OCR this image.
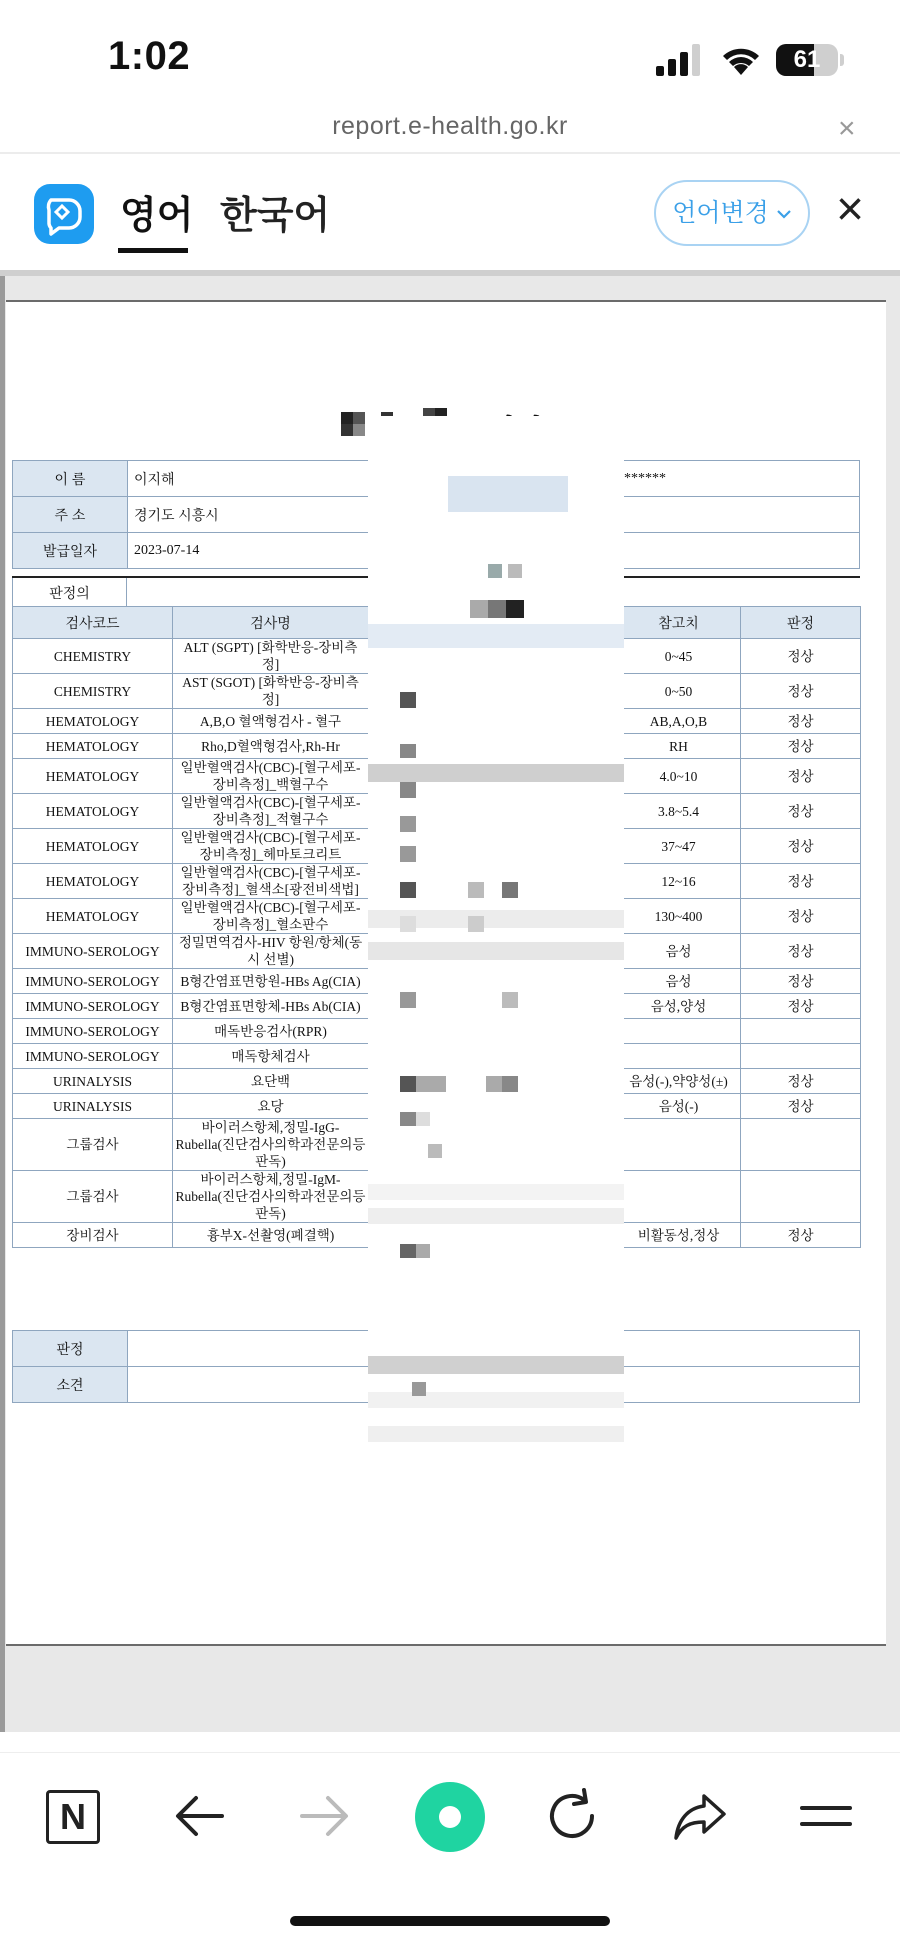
1:02	61
report.e-health.go.kr	×
영어 한국어	언어변경	×
이 름	이지해	******
주 소	경기도 시흥시	
발급일자	2023-07-14	
판정의
검사코드	검사명		참고치	판정
CHEMISTRY	ALT (SGPT) [화학반응-장비측정]		0~45	정상
CHEMISTRY	AST (SGOT) [화학반응-장비측정]		0~50	정상
HEMATOLOGY	A,B,O 혈액형검사 - 혈구		AB,A,O,B	정상
HEMATOLOGY	Rho,D혈액형검사,Rh-Hr		RH	정상
HEMATOLOGY	일반혈액검사(CBC)-[혈구세포-장비측정]_백혈구수		4.0~10	정상
HEMATOLOGY	일반혈액검사(CBC)-[혈구세포-장비측정]_적혈구수		3.8~5.4	정상
HEMATOLOGY	일반혈액검사(CBC)-[혈구세포-장비측정]_헤마토크리트		37~47	정상
HEMATOLOGY	일반혈액검사(CBC)-[혈구세포-장비측정]_혈색소[광전비색법]		12~16	정상
HEMATOLOGY	일반혈액검사(CBC)-[혈구세포-장비측정]_혈소판수		130~400	정상
IMMUNO-SEROLOGY	정밀면역검사-HIV 항원/항체(동시 선별)		음성	정상
IMMUNO-SEROLOGY	B형간염표면항원-HBs Ag(CIA)		음성	정상
IMMUNO-SEROLOGY	B형간염표면항체-HBs Ab(CIA)		음성,양성	정상
IMMUNO-SEROLOGY	매독반응검사(RPR)			
IMMUNO-SEROLOGY	매독항체검사			
URINALYSIS	요단백		음성(-),약양성(±)	정상
URINALYSIS	요당		음성(-)	정상
그룹검사	바이러스항체,정밀-IgG-Rubella(진단검사의학과전문의등판독)			
그룹검사	바이러스항체,정밀-IgM-Rubella(진단검사의학과전문의등판독)			
장비검사	흉부X-선촬영(폐결핵)		비활동성,정상	정상
판정	
소견	
N
